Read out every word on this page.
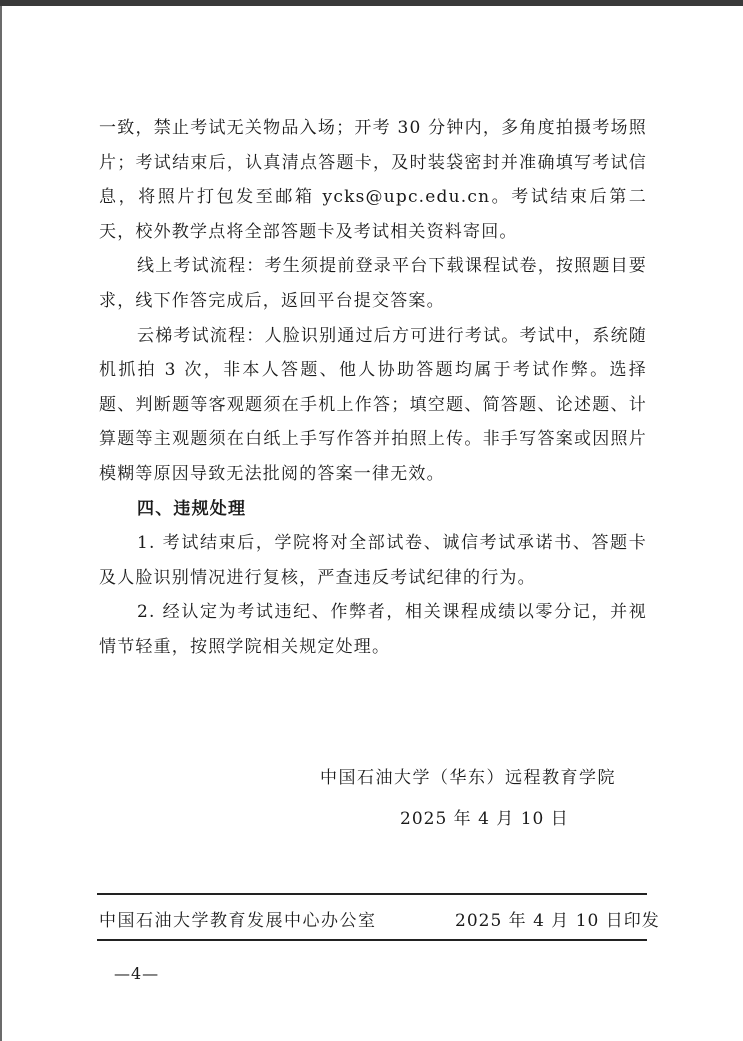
一致，禁止考试无关物品入场；开考 30 分钟内，多角度拍摄考场照片；考试结束后，认真清点答题卡，及时装袋密封并准确填写考试信息，将照片打包发至邮箱 ycks@upc.edu.cn。考试结束后第二天，校外教学点将全部答题卡及考试相关资料寄回。

线上考试流程：考生须提前登录平台下载课程试卷，按照题目要求，线下作答完成后，返回平台提交答案。

云梯考试流程：人脸识别通过后方可进行考试。考试中，系统随机抓拍 3 次，非本人答题、他人协助答题均属于考试作弊。选择题、判断题等客观题须在手机上作答；填空题、简答题、论述题、计算题等主观题须在白纸上手写作答并拍照上传。非手写答案或因照片模糊等原因导致无法批阅的答案一律无效。

四、违规处理

1. 考试结束后，学院将对全部试卷、诚信考试承诺书、答题卡及人脸识别情况进行复核，严查违反考试纪律的行为。

2. 经认定为考试违纪、作弊者，相关课程成绩以零分记，并视情节轻重，按照学院相关规定处理。

中国石油大学（华东）远程教育学院
2025 年 4 月 10 日
中国石油大学教育发展中心办公室	2025 年 4 月 10 日印发
—4—
